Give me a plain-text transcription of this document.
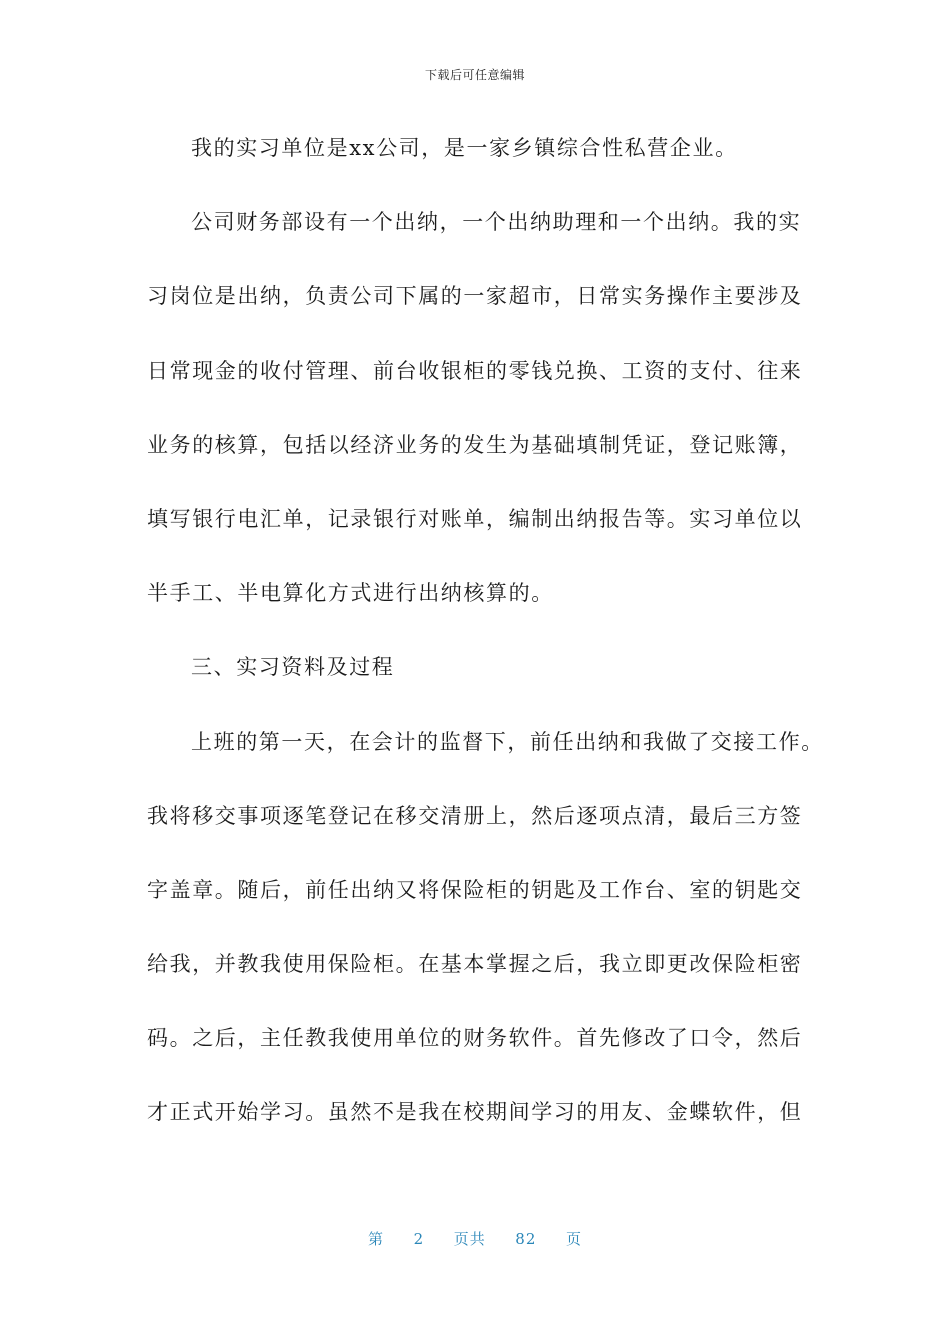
下载后可任意编辑
我的实习单位是xx公司，是一家乡镇综合性私营企业。
公司财务部设有一个出纳，一个出纳助理和一个出纳。我的实
习岗位是出纳，负责公司下属的一家超市，日常实务操作主要涉及
日常现金的收付管理、前台收银柜的零钱兑换、工资的支付、往来
业务的核算，包括以经济业务的发生为基础填制凭证，登记账簿，
填写银行电汇单，记录银行对账单，编制出纳报告等。实习单位以
半手工、半电算化方式进行出纳核算的。
三、实习资料及过程
上班的第一天，在会计的监督下，前任出纳和我做了交接工作。
我将移交事项逐笔登记在移交清册上，然后逐项点清，最后三方签
字盖章。随后，前任出纳又将保险柜的钥匙及工作台、室的钥匙交
给我，并教我使用保险柜。在基本掌握之后，我立即更改保险柜密
码。之后，主任教我使用单位的财务软件。首先修改了口令，然后
才正式开始学习。虽然不是我在校期间学习的用友、金蝶软件，但
第 2 页共 82 页
